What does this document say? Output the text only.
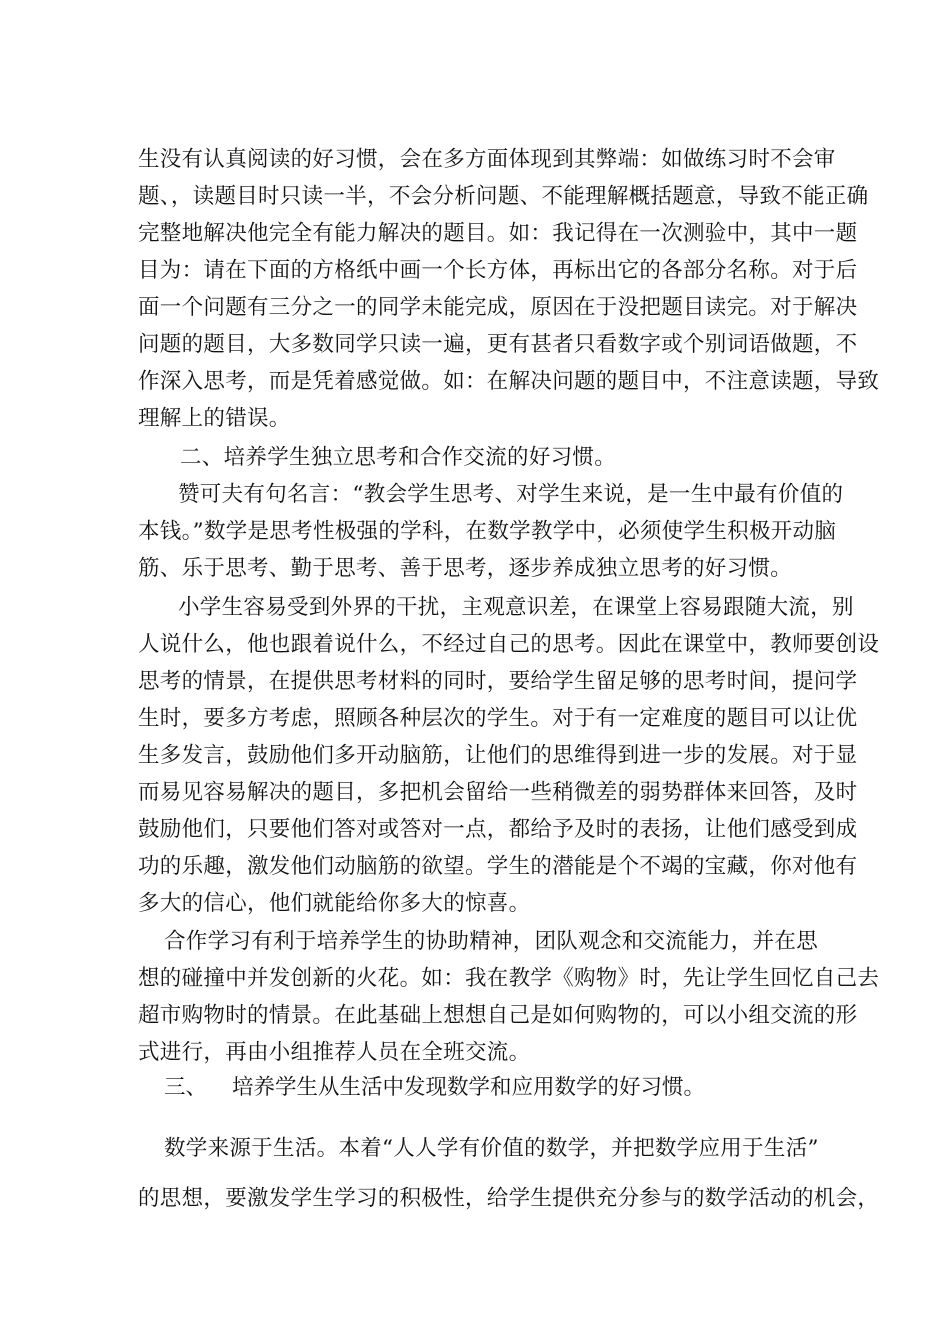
生没有认真阅读的好习惯，会在多方面体现到其弊端：如做练习时不会审
题、，读题目时只读一半，不会分析问题、不能理解概括题意，导致不能正确
完整地解决他完全有能力解决的题目。如：我记得在一次测验中，其中一题
目为：请在下面的方格纸中画一个长方体，再标出它的各部分名称。对于后
面一个问题有三分之一的同学未能完成，原因在于没把题目读完。对于解决
问题的题目，大多数同学只读一遍，更有甚者只看数字或个别词语做题，不
作深入思考，而是凭着感觉做。如：在解决问题的题目中，不注意读题，导致
理解上的错误。
二、培养学生独立思考和合作交流的好习惯。
赞可夫有句名言：“教会学生思考、对学生来说，是一生中最有价值的
本钱。”数学是思考性极强的学科，在数学教学中，必须使学生积极开动脑
筋、乐于思考、勤于思考、善于思考，逐步养成独立思考的好习惯。
小学生容易受到外界的干扰，主观意识差，在课堂上容易跟随大流，别
人说什么，他也跟着说什么，不经过自己的思考。因此在课堂中，教师要创设
思考的情景，在提供思考材料的同时，要给学生留足够的思考时间，提问学
生时，要多方考虑，照顾各种层次的学生。对于有一定难度的题目可以让优
生多发言，鼓励他们多开动脑筋，让他们的思维得到进一步的发展。对于显
而易见容易解决的题目，多把机会留给一些稍微差的弱势群体来回答，及时
鼓励他们，只要他们答对或答对一点，都给予及时的表扬，让他们感受到成
功的乐趣，激发他们动脑筋的欲望。学生的潜能是个不竭的宝藏，你对他有
多大的信心，他们就能给你多大的惊喜。
合作学习有利于培养学生的协助精神，团队观念和交流能力，并在思
想的碰撞中并发创新的火花。如：我在教学《购物》时，先让学生回忆自己去
超市购物时的情景。在此基础上想想自己是如何购物的，可以小组交流的形
式进行，再由小组推荐人员在全班交流。
三、 培养学生从生活中发现数学和应用数学的好习惯。
数学来源于生活。本着“人人学有价值的数学，并把数学应用于生活”
的思想，要激发学生学习的积极性，给学生提供充分参与的数学活动的机会，
